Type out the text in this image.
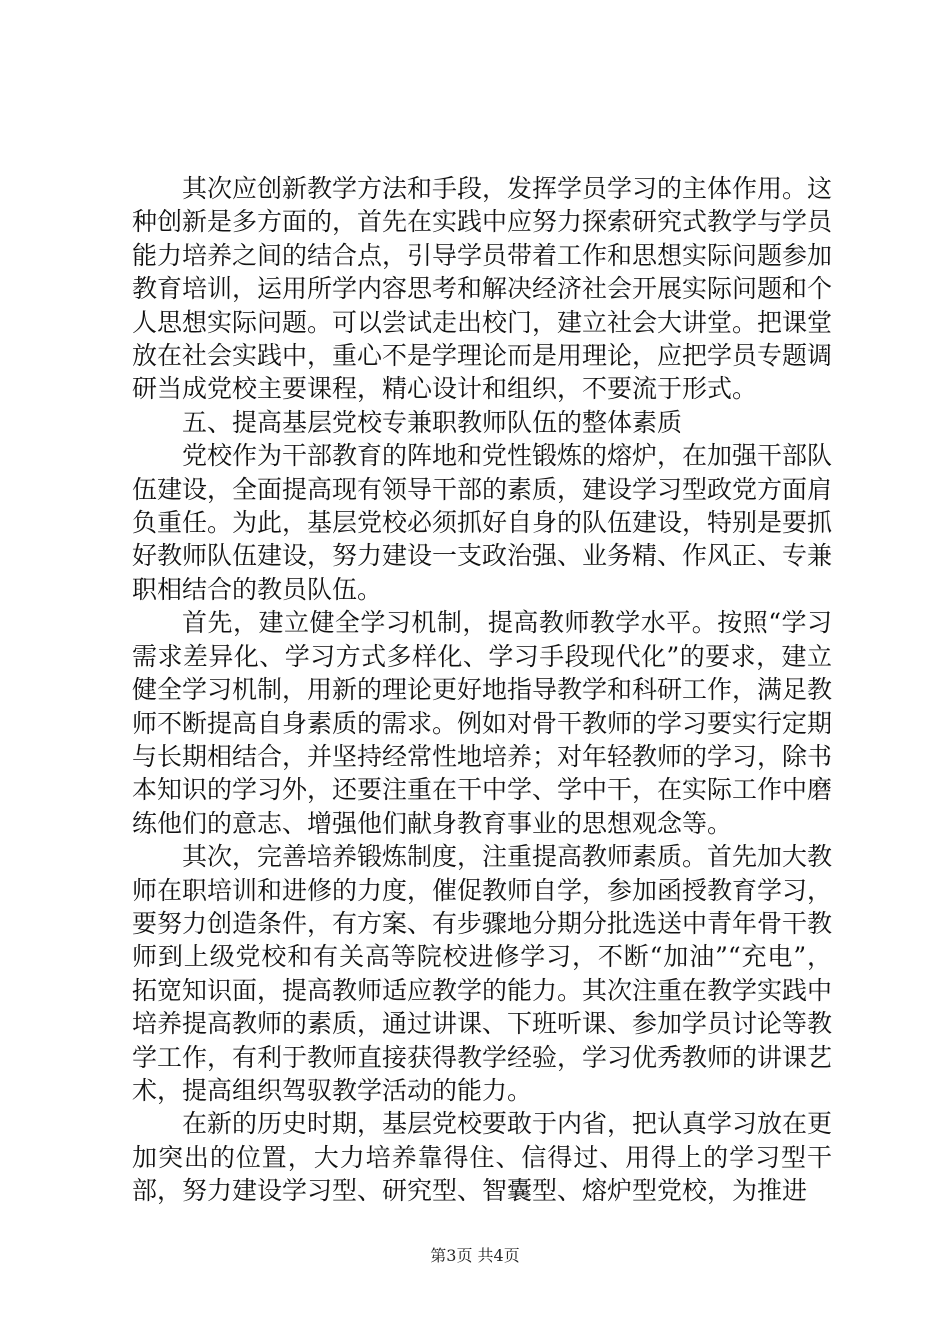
其次应创新教学方法和手段，发挥学员学习的主体作用。这种创新是多方面的，首先在实践中应努力探索研究式教学与学员能力培养之间的结合点，引导学员带着工作和思想实际问题参加教育培训，运用所学内容思考和解决经济社会开展实际问题和个人思想实际问题。可以尝试走出校门，建立社会大讲堂。把课堂放在社会实践中，重心不是学理论而是用理论，应把学员专题调研当成党校主要课程，精心设计和组织，不要流于形式。

五、提高基层党校专兼职教师队伍的整体素质

党校作为干部教育的阵地和党性锻炼的熔炉，在加强干部队伍建设，全面提高现有领导干部的素质，建设学习型政党方面肩负重任。为此，基层党校必须抓好自身的队伍建设，特别是要抓好教师队伍建设，努力建设一支政治强、业务精、作风正、专兼职相结合的教员队伍。

首先，建立健全学习机制，提高教师教学水平。按照“学习需求差异化、学习方式多样化、学习手段现代化”的要求，建立健全学习机制，用新的理论更好地指导教学和科研工作，满足教师不断提高自身素质的需求。例如对骨干教师的学习要实行定期与长期相结合，并坚持经常性地培养；对年轻教师的学习，除书本知识的学习外，还要注重在干中学、学中干，在实际工作中磨练他们的意志、增强他们献身教育事业的思想观念等。

其次，完善培养锻炼制度，注重提高教师素质。首先加大教师在职培训和进修的力度，催促教师自学，参加函授教育学习，要努力创造条件，有方案、有步骤地分期分批选送中青年骨干教师到上级党校和有关高等院校进修学习，不断“加油”“充电”，拓宽知识面，提高教师适应教学的能力。其次注重在教学实践中培养提高教师的素质，通过讲课、下班听课、参加学员讨论等教学工作，有利于教师直接获得教学经验，学习优秀教师的讲课艺术，提高组织驾驭教学活动的能力。

在新的历史时期，基层党校要敢于内省，把认真学习放在更加突出的位置，大力培养靠得住、信得过、用得上的学习型干部，努力建设学习型、研究型、智囊型、熔炉型党校，为推进

第3页 共4页
